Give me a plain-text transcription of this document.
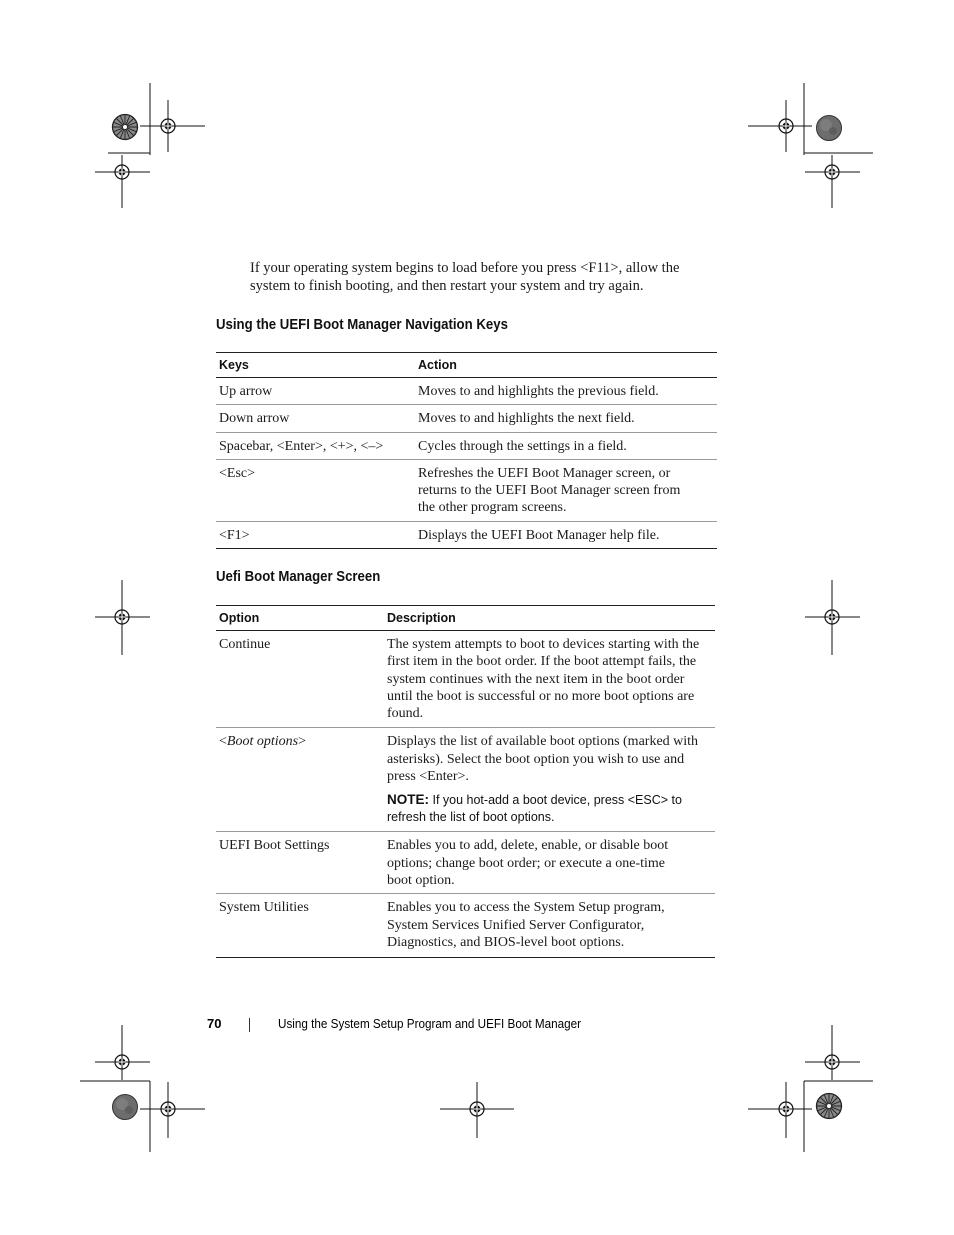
If your operating system begins to load before you press <F11>, allow the system to finish booting, and then restart your system and try again.

Using the UEFI Boot Manager Navigation Keys
Keys	Action
Up arrow	Moves to and highlights the previous field.
Down arrow	Moves to and highlights the next field.
Spacebar, <Enter>, <+>, <–>	Cycles through the settings in a field.
<Esc>	Refreshes the UEFI Boot Manager screen, or returns to the UEFI Boot Manager screen from the other program screens.
<F1>	Displays the UEFI Boot Manager help file.
Uefi Boot Manager Screen
Option	Description
Continue	The system attempts to boot to devices starting with the first item in the boot order. If the boot attempt fails, the system continues with the next item in the boot order until the boot is successful or no more boot options are found.
<Boot options>	Displays the list of available boot options (marked with asterisks). Select the boot option you wish to use and press <Enter>.
NOTE: If you hot-add a boot device, press <ESC> to refresh the list of boot options.

UEFI Boot Settings	Enables you to add, delete, enable, or disable boot options; change boot order; or execute a one-time boot option.
System Utilities	Enables you to access the System Setup program, System Services Unified Server Configurator, Diagnostics, and BIOS-level boot options.
70	Using the System Setup Program and UEFI Boot Manager
